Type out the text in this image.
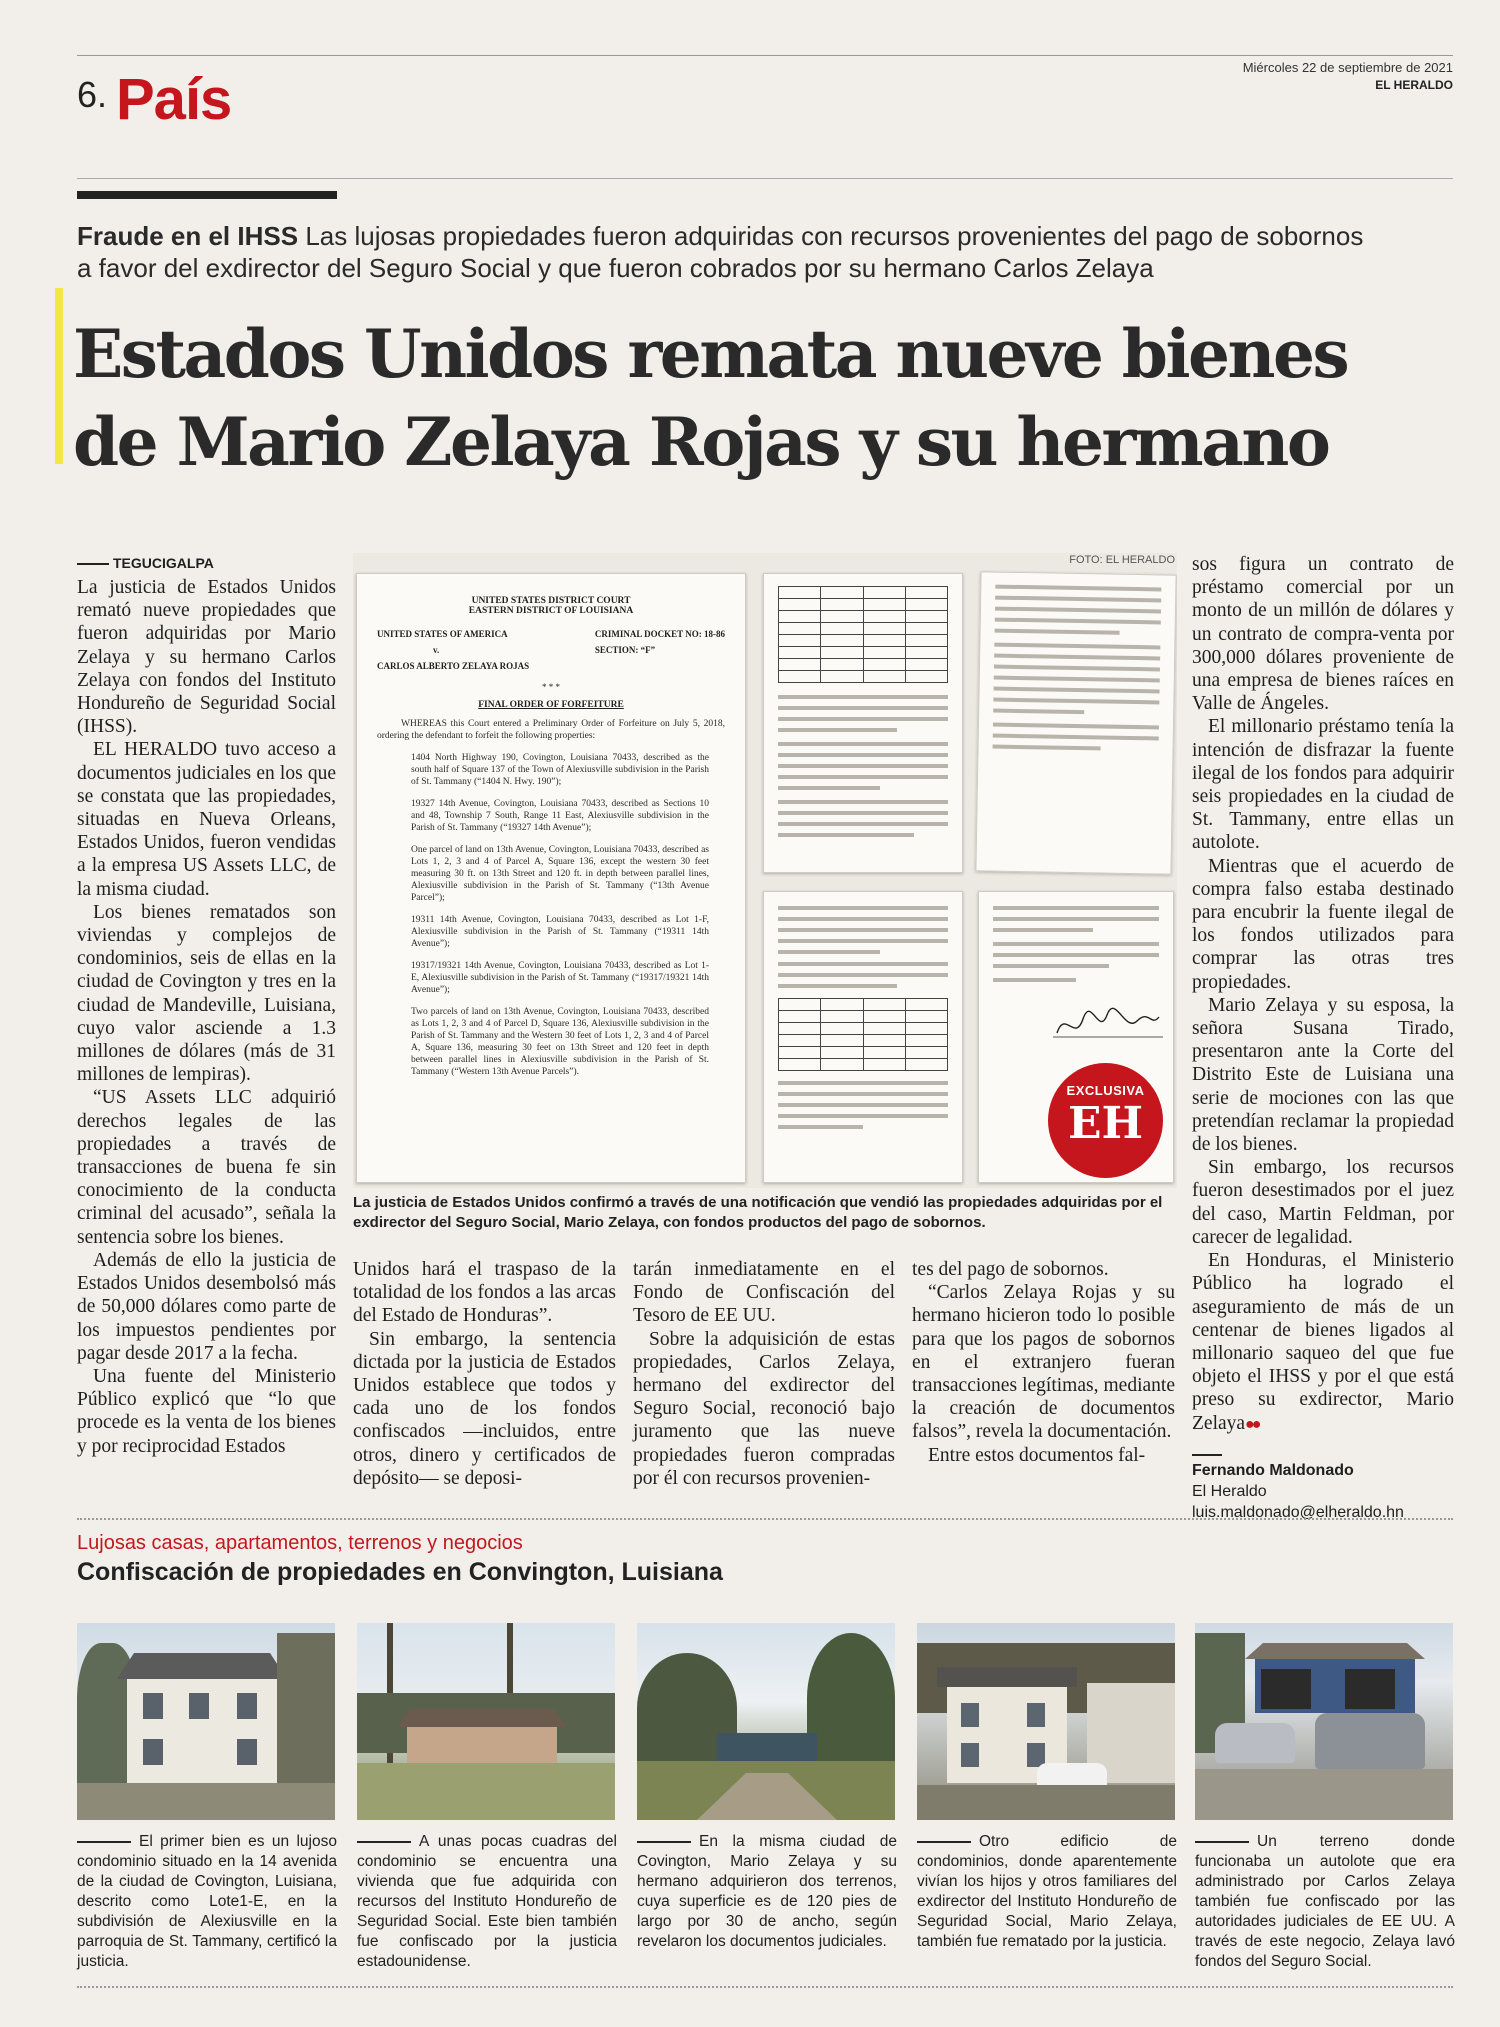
6. País	Miércoles 22 de septiembre de 2021
EL HERALDO
Fraude en el IHSS Las lujosas propiedades fueron adquiridas con recursos provenientes del pago de sobornos a favor del exdirector del Seguro Social y que fueron cobrados por su hermano Carlos Zelaya
Estados Unidos remata nueve bienes
de Mario Zelaya Rojas y su hermano
TEGUCIGALPA

La justicia de Estados Unidos remató nueve propiedades que fueron adquiridas por Mario Zelaya y su hermano Carlos Zelaya con fondos del Instituto Hondureño de Seguridad Social (IHSS).

EL HERALDO tuvo acceso a documentos judiciales en los que se constata que las propiedades, situadas en Nueva Orleans, Estados Unidos, fueron vendidas a la empresa US Assets LLC, de la misma ciudad.

Los bienes rematados son viviendas y complejos de condominios, seis de ellas en la ciudad de Covington y tres en la ciudad de Mandeville, Luisiana, cuyo valor asciende a 1.3 millones de dólares (más de 31 millones de lempiras).

“US Assets LLC adquirió derechos legales de las propiedades a través de transacciones de buena fe sin conocimiento de la conducta criminal del acusado”, señala la sentencia sobre los bienes.

Además de ello la justicia de Estados Unidos desembolsó más de 50,000 dólares como parte de los impuestos pendientes por pagar desde 2017 a la fecha.

Una fuente del Ministerio Público explicó que “lo que procede es la venta de los bienes y por reciprocidad Estados

FOTO: EL HERALDO
UNITED STATES DISTRICT COURT
EASTERN DISTRICT OF LOUISIANA
UNITED STATES OF AMERICA
v.
CARLOS ALBERTO ZELAYA ROJAS
CRIMINAL DOCKET NO: 18-86
SECTION: “F”
* * *
FINAL ORDER OF FORFEITURE
WHEREAS this Court entered a Preliminary Order of Forfeiture on July 5, 2018, ordering the defendant to forfeit the following properties:
1404 North Highway 190, Covington, Louisiana 70433, described as the south half of Square 137 of the Town of Alexiusville subdivision in the Parish of St. Tammany (“1404 N. Hwy. 190”);
19327 14th Avenue, Covington, Louisiana 70433, described as Sections 10 and 48, Township 7 South, Range 11 East, Alexiusville subdivision in the Parish of St. Tammany (“19327 14th Avenue”);
One parcel of land on 13th Avenue, Covington, Louisiana 70433, described as Lots 1, 2, 3 and 4 of Parcel A, Square 136, except the western 30 feet measuring 30 ft. on 13th Street and 120 ft. in depth between parallel lines, Alexiusville subdivision in the Parish of St. Tammany (“13th Avenue Parcel”);
19311 14th Avenue, Covington, Louisiana 70433, described as Lot 1-F, Alexiusville subdivision in the Parish of St. Tammany (“19311 14th Avenue”);
19317/19321 14th Avenue, Covington, Louisiana 70433, described as Lot 1-E, Alexiusville subdivision in the Parish of St. Tammany (“19317/19321 14th Avenue”);
Two parcels of land on 13th Avenue, Covington, Louisiana 70433, described as Lots 1, 2, 3 and 4 of Parcel D, Square 136, Alexiusville subdivision in the Parish of St. Tammany and the Western 30 feet of Lots 1, 2, 3 and 4 of Parcel A, Square 136, measuring 30 feet on 13th Street and 120 feet in depth between parallel lines in Alexiusville subdivision in the Parish of St. Tammany (“Western 13th Avenue Parcels”).

EXCLUSIVA
EH
La justicia de Estados Unidos confirmó a través de una notificación que vendió las propiedades adquiridas por el exdirector del Seguro Social, Mario Zelaya, con fondos productos del pago de sobornos.

Unidos hará el traspaso de la totalidad de los fondos a las arcas del Estado de Honduras”.

Sin embargo, la sentencia dictada por la justicia de Estados Unidos establece que todos y cada uno de los fondos confiscados —incluidos, entre otros, dinero y certificados de depósito— se deposi-

tarán inmediatamente en el Fondo de Confiscación del Tesoro de EE UU.

Sobre la adquisición de estas propiedades, Carlos Zelaya, hermano del exdirector del Seguro Social, reconoció bajo juramento que las nueve propiedades fueron compradas por él con recursos provenien-

tes del pago de sobornos.

“Carlos Zelaya Rojas y su hermano hicieron todo lo posible para que los pagos de sobornos en el extranjero fueran transacciones legítimas, mediante la creación de documentos falsos”, revela la documentación.

Entre estos documentos fal-

sos figura un contrato de préstamo comercial por un monto de un millón de dólares y un contrato de compra-venta por 300,000 dólares proveniente de una empresa de bienes raíces en Valle de Ángeles.

El millonario préstamo tenía la intención de disfrazar la fuente ilegal de los fondos para adquirir seis propiedades en la ciudad de St. Tammany, entre ellas un autolote.

Mientras que el acuerdo de compra falso estaba destinado para encubrir la fuente ilegal de los fondos utilizados para comprar las otras tres propiedades.

Mario Zelaya y su esposa, la señora Susana Tirado, presentaron ante la Corte del Distrito Este de Luisiana una serie de mociones con las que pretendían reclamar la propiedad de los bienes.

Sin embargo, los recursos fueron desestimados por el juez del caso, Martin Feldman, por carecer de legalidad.

En Honduras, el Ministerio Público ha logrado el aseguramiento de más de un centenar de bienes ligados al millonario saqueo del que fue objeto el IHSS y por el que está preso su exdirector, Mario Zelaya●●

Fernando Maldonado
El Heraldo
luis.maldonado@elheraldo.hn
Lujosas casas, apartamentos, terrenos y negocios
Confiscación de propiedades en Convington, Luisiana
El primer bien es un lujoso condominio situado en la 14 avenida de la ciudad de Covington, Luisiana, descrito como Lote1-E, en la subdivisión de Alexiusville en la parroquia de St. Tammany, certificó la justicia.
A unas pocas cuadras del condominio se encuentra una vivienda que fue adquirida con recursos del Instituto Hondureño de Seguridad Social. Este bien también fue confiscado por la justicia estadounidense.
En la misma ciudad de Covington, Mario Zelaya y su hermano adquirieron dos terrenos, cuya superficie es de 120 pies de largo por 30 de ancho, según revelaron los documentos judiciales.
Otro edificio de condominios, donde aparentemente vivían los hijos y otros familiares del exdirector del Instituto Hondureño de Seguridad Social, Mario Zelaya, también fue rematado por la justicia.
Un terreno donde funcionaba un autolote que era administrado por Carlos Zelaya también fue confiscado por las autoridades judiciales de EE UU. A través de este negocio, Zelaya lavó fondos del Seguro Social.
